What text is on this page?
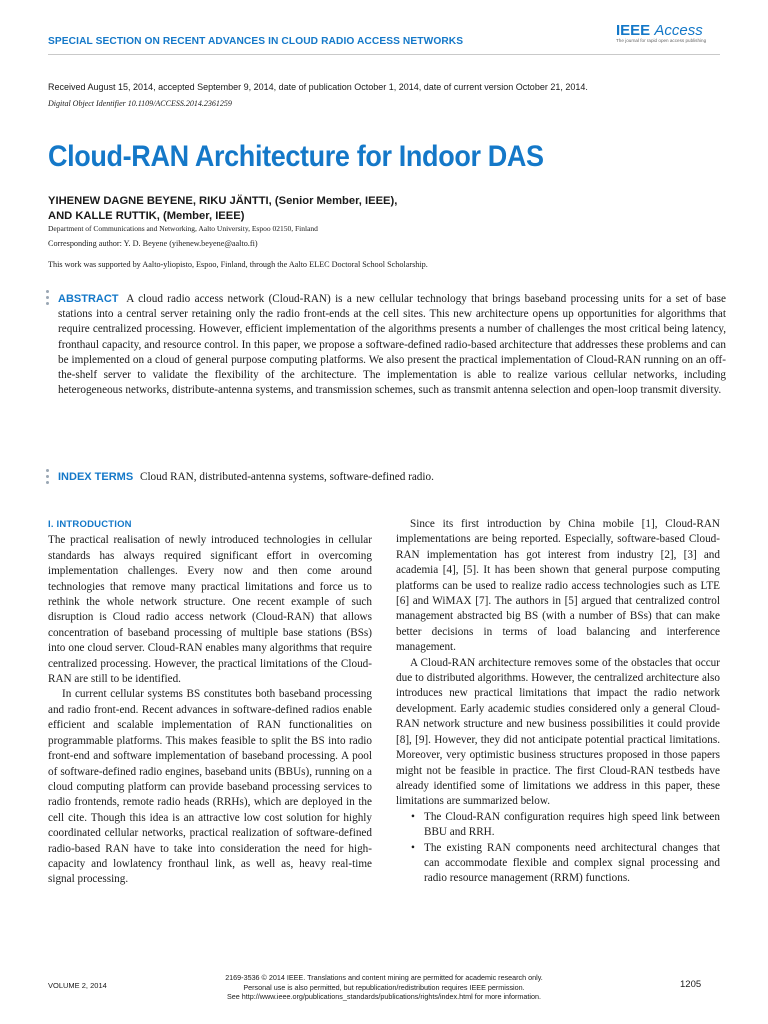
SPECIAL SECTION ON RECENT ADVANCES IN CLOUD RADIO ACCESS NETWORKS
IEEE Access
The journal for rapid open access publishing
Received August 15, 2014, accepted September 9, 2014, date of publication October 1, 2014, date of current version October 21, 2014.
Digital Object Identifier 10.1109/ACCESS.2014.2361259
Cloud-RAN Architecture for Indoor DAS
YIHENEW DAGNE BEYENE, RIKU JÄNTTI, (Senior Member, IEEE),
AND KALLE RUTTIK, (Member, IEEE)
Department of Communications and Networking, Aalto University, Espoo 02150, Finland
Corresponding author: Y. D. Beyene (yihenew.beyene@aalto.fi)
This work was supported by Aalto-yliopisto, Espoo, Finland, through the Aalto ELEC Doctoral School Scholarship.
ABSTRACT A cloud radio access network (Cloud-RAN) is a new cellular technology that brings baseband processing units for a set of base stations into a central server retaining only the radio front-ends at the cell sites. This new architecture opens up opportunities for algorithms that require centralized processing. However, efficient implementation of the algorithms presents a number of challenges the most critical being latency, fronthaul capacity, and resource control. In this paper, we propose a software-defined radio-based architecture that addresses these problems and can be implemented on a cloud of general purpose computing platforms. We also present the practical implementation of Cloud-RAN running on an off-the-shelf server to validate the flexibility of the architecture. The implementation is able to realize various cellular networks, including heterogeneous networks, distribute-antenna systems, and transmission schemes, such as transmit antenna selection and open-loop transmit diversity.
INDEX TERMS Cloud RAN, distributed-antenna systems, software-defined radio.
I. INTRODUCTION

The practical realisation of newly introduced technologies in cellular standards has always required significant effort in overcoming implementation challenges. Every now and then come around technologies that remove many practical limitations and force us to rethink the whole network structure. One recent example of such disruption is Cloud radio access network (Cloud-RAN) that allows concentration of baseband processing of multiple base stations (BSs) into one cloud server. Cloud-RAN enables many algorithms that require centralized processing. However, the practical limitations of the Cloud-RAN are still to be identified.

In current cellular systems BS constitutes both baseband processing and radio front-end. Recent advances in software-defined radios enable efficient and scalable implementation of RAN functionalities on programmable platforms. This makes feasible to split the BS into radio front-end and software implementation of baseband processing. A pool of software-defined radio engines, baseband units (BBUs), running on a cloud computing platform can provide baseband processing services to radio frontends, remote radio heads (RRHs), which are deployed in the cell cite. Though this idea is an attractive low cost solution for highly coordinated cellular networks, practical realization of software-defined radio-based RAN have to take into consideration the need for high-capacity and lowlatency fronthaul link, as well as, heavy real-time signal processing.

Since its first introduction by China mobile [1], Cloud-RAN implementations are being reported. Especially, software-based Cloud-RAN implementation has got interest from industry [2], [3] and academia [4], [5]. It has been shown that general purpose computing platforms can be used to realize radio access technologies such as LTE [6] and WiMAX [7]. The authors in [5] argued that centralized control management abstracted big BS (with a number of BSs) that can make better decisions in terms of load balancing and interference management.

A Cloud-RAN architecture removes some of the obstacles that occur due to distributed algorithms. However, the centralized architecture also introduces new practical limitations that impact the radio network development. Early academic studies considered only a general Cloud-RAN network structure and new business possibilities it could provide [8], [9]. However, they did not anticipate potential practical limitations. Moreover, very optimistic business structures proposed in those papers might not be feasible in practice. The first Cloud-RAN testbeds have already identified some of limitations we address in this paper, these limitations are summarized below.

• The Cloud-RAN configuration requires high speed link between BBU and RRH.
• The existing RAN components need architectural changes that can accommodate flexible and complex signal processing and radio resource management (RRM) functions.
VOLUME 2, 2014
2169-3536 © 2014 IEEE. Translations and content mining are permitted for academic research only.
Personal use is also permitted, but republication/redistribution requires IEEE permission.
See http://www.ieee.org/publications_standards/publications/rights/index.html for more information.
1205
